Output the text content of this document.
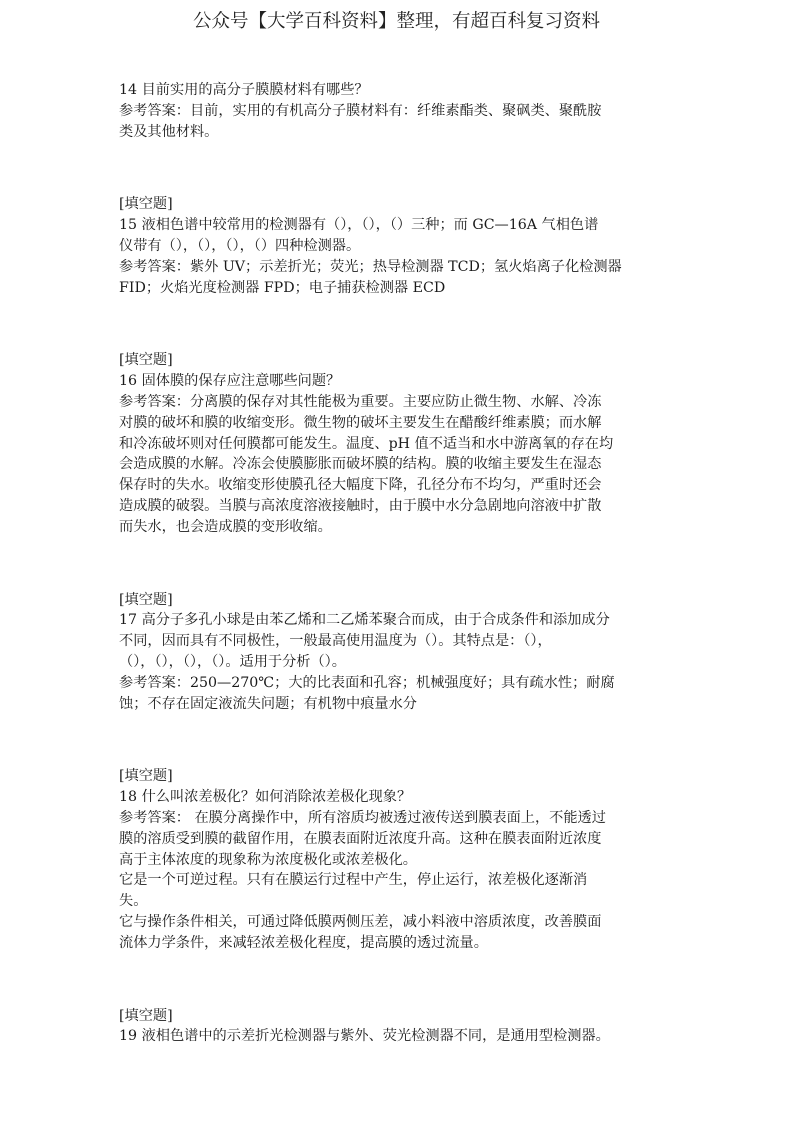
公众号【大学百科资料】整理，有超百科复习资料

14 目前实用的高分子膜膜材料有哪些？

参考答案：目前，实用的有机高分子膜材料有：纤维素酯类、聚砜类、聚酰胺

类及其他材料。

[填空题]

15 液相色谱中较常用的检测器有（），（），（）三种；而 GC—16A 气相色谱

仪带有（），（），（），（）四种检测器。

参考答案：紫外 UV；示差折光；荧光；热导检测器 TCD；氢火焰离子化检测器

FID；火焰光度检测器 FPD；电子捕获检测器 ECD

[填空题]

16 固体膜的保存应注意哪些问题？

参考答案：分离膜的保存对其性能极为重要。主要应防止微生物、水解、冷冻

对膜的破坏和膜的收缩变形。微生物的破坏主要发生在醋酸纤维素膜；而水解

和冷冻破坏则对任何膜都可能发生。温度、pH 值不适当和水中游离氧的存在均

会造成膜的水解。冷冻会使膜膨胀而破坏膜的结构。膜的收缩主要发生在湿态

保存时的失水。收缩变形使膜孔径大幅度下降，孔径分布不均匀，严重时还会

造成膜的破裂。当膜与高浓度溶液接触时，由于膜中水分急剧地向溶液中扩散

而失水，也会造成膜的变形收缩。

[填空题]

17 高分子多孔小球是由苯乙烯和二乙烯苯聚合而成，由于合成条件和添加成分

不同，因而具有不同极性，一般最高使用温度为（）。其特点是：（），

（），（），（），（）。适用于分析（）。

参考答案：250—270℃；大的比表面和孔容；机械强度好；具有疏水性；耐腐

蚀；不存在固定液流失问题；有机物中痕量水分

[填空题]

18 什么叫浓差极化？如何消除浓差极化现象？

参考答案： 在膜分离操作中，所有溶质均被透过液传送到膜表面上，不能透过

膜的溶质受到膜的截留作用，在膜表面附近浓度升高。这种在膜表面附近浓度

高于主体浓度的现象称为浓度极化或浓差极化。

它是一个可逆过程。只有在膜运行过程中产生，停止运行，浓差极化逐渐消

失。

它与操作条件相关，可通过降低膜两侧压差，减小料液中溶质浓度，改善膜面

流体力学条件，来减轻浓差极化程度，提高膜的透过流量。

[填空题]

19 液相色谱中的示差折光检测器与紫外、荧光检测器不同，是通用型检测器。
